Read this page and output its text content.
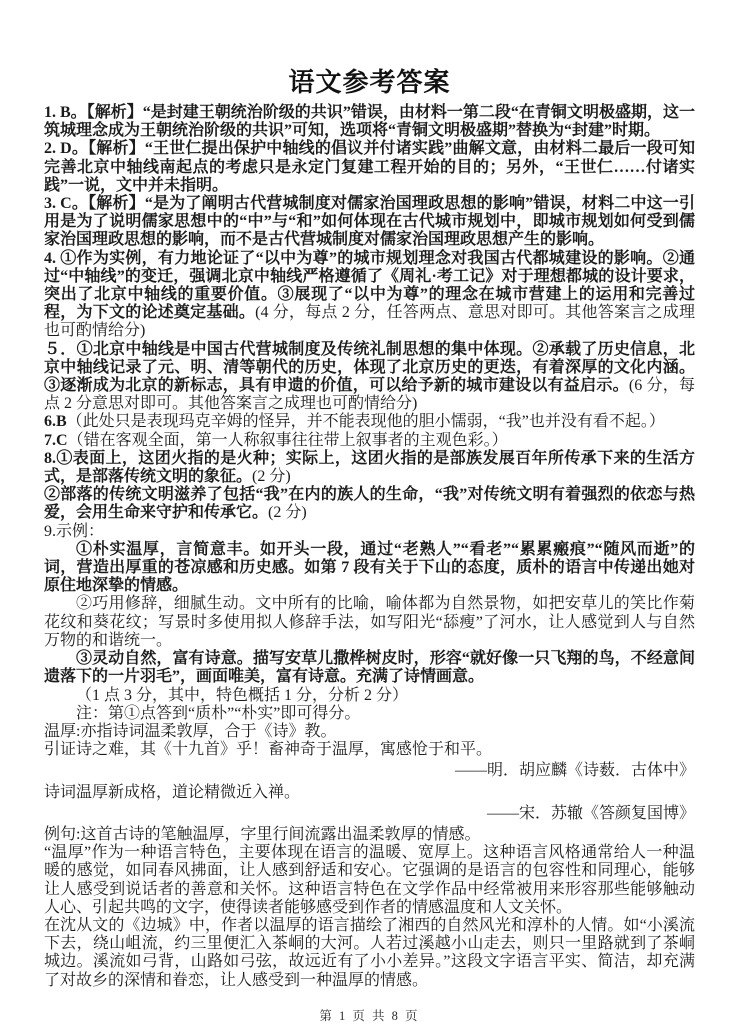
语文参考答案

1. B。【解析】“是封建王朝统治阶级的共识”错误，由材料一第二段“在青铜文明极盛期，这一筑城理念成为王朝统治阶级的共识”可知，选项将“青铜文明极盛期”替换为“封建”时期。

2. D。【解析】“王世仁提出保护中轴线的倡议并付诸实践”曲解文意，由材料二最后一段可知完善北京中轴线南起点的考虑只是永定门复建工程开始的目的；另外，“王世仁……付诸实践”一说，文中并未指明。

3. C。【解析】“是为了阐明古代营城制度对儒家治国理政思想的影响”错误，材料二中这一引用是为了说明儒家思想中的“中”与“和”如何体现在古代城市规划中，即城市规划如何受到儒家治国理政思想的影响，而不是古代营城制度对儒家治国理政思想产生的影响。

4. ①作为实例，有力地论证了“以中为尊”的城市规划理念对我国古代都城建设的影响。②通过“中轴线”的变迁，强调北京中轴线严格遵循了《周礼·考工记》对于理想都城的设计要求，突出了北京中轴线的重要价值。③展现了“以中为尊”的理念在城市营建上的运用和完善过程，为下文的论述奠定基础。(4 分，每点 2 分，任答两点、意思对即可。其他答案言之成理也可酌情给分)

５．①北京中轴线是中国古代营城制度及传统礼制思想的集中体现。②承载了历史信息，北京中轴线记录了元、明、清等朝代的历史，体现了北京历史的更迭，有着深厚的文化内涵。③逐渐成为北京的新标志，具有申遗的价值，可以给予新的城市建设以有益启示。(6 分，每点 2 分意思对即可。其他答案言之成理也可酌情给分)

6.B（此处只是表现玛克辛姆的怪异，并不能表现他的胆小懦弱，“我”也并没有看不起。）

7.C（错在客观全面，第一人称叙事往往带上叙事者的主观色彩。）

8.①表面上，这团火指的是火种；实际上，这团火指的是部族发展百年所传承下来的生活方式，是部落传统文明的象征。(2 分)

②部落的传统文明滋养了包括“我”在内的族人的生命，“我”对传统文明有着强烈的依恋与热爱，会用生命来守护和传承它。(2 分)

9.示例：

①朴实温厚，言简意丰。如开头一段，通过“老熟人”“看老”“累累瘢痕”“随风而逝”的词，营造出厚重的苍凉感和历史感。如第 7 段有关于下山的态度，质朴的语言中传递出她对原住地深挚的情感。

②巧用修辞，细腻生动。文中所有的比喻，喻体都为自然景物，如把安草儿的笑比作菊花纹和葵花纹；写景时多使用拟人修辞手法，如写阳光“舔瘦”了河水，让人感觉到人与自然万物的和谐统一。

③灵动自然，富有诗意。描写安草儿撒桦树皮时，形容“就好像一只飞翔的鸟，不经意间遗落下的一片羽毛”，画面唯美，富有诗意。充满了诗情画意。

（1 点 3 分，其中，特色概括 1 分，分析 2 分）

注：第①点答到“质朴”“朴实”即可得分。

温厚:亦指诗词温柔敦厚，合于《诗》教。

引证诗之难，其《十九首》乎！畜神奇于温厚，寓感怆于和平。

——明．胡应麟《诗薮．古体中》

诗词温厚新成格，道论精微近入禅。

——宋．苏辙《答颜复国博》

例句:这首古诗的笔触温厚，字里行间流露出温柔敦厚的情感。

“温厚”作为一种语言特色，主要体现在语言的温暖、宽厚上。这种语言风格通常给人一种温暖的感觉，如同春风拂面，让人感到舒适和安心。它强调的是语言的包容性和同理心，能够让人感受到说话者的善意和关怀。这种语言特色在文学作品中经常被用来形容那些能够触动人心、引起共鸣的文字，使得读者能够感受到作者的情感温度和人文关怀。

在沈从文的《边城》中，作者以温厚的语言描绘了湘西的自然风光和淳朴的人情。如“小溪流下去，绕山岨流，约三里便汇入茶峒的大河。人若过溪越小山走去，则只一里路就到了茶峒城边。溪流如弓背，山路如弓弦，故远近有了小小差异。”这段文字语言平实、简洁，却充满了对故乡的深情和眷恋，让人感受到一种温厚的情感。

第 1 页 共 8 页
